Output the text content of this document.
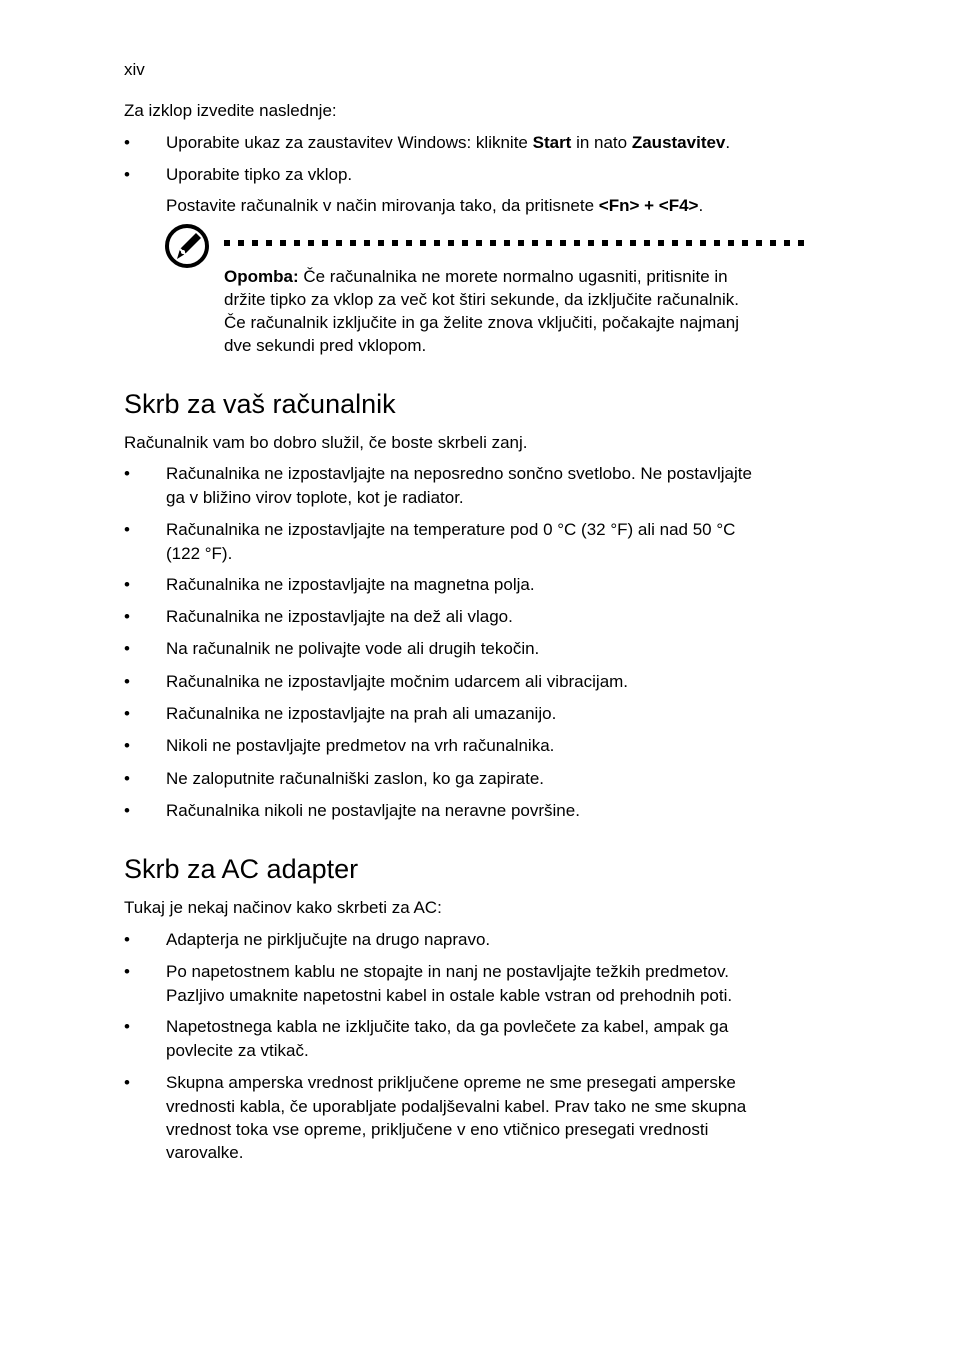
xiv

Za izklop izvedite naslednje:

• Uporabite ukaz za zaustavitev Windows: kliknite Start in nato Zaustavitev.

• Uporabite tipko za vklop.

Postavite računalnik v način mirovanja tako, da pritisnete <Fn> + <F4>.

Opomba: Če računalnika ne morete normalno ugasniti, pritisnite in

držite tipko za vklop za več kot štiri sekunde, da izključite računalnik.

Če računalnik izključite in ga želite znova vključiti, počakajte najmanj

dve sekundi pred vklopom.

Skrb za vaš računalnik

Računalnik vam bo dobro služil, če boste skrbeli zanj.

• Računalnika ne izpostavljajte na neposredno sončno svetlobo. Ne postavljajte

ga v bližino virov toplote, kot je radiator.

• Računalnika ne izpostavljajte na temperature pod 0 °C (32 °F) ali nad 50 °C

(122 °F).

• Računalnika ne izpostavljajte na magnetna polja.

• Računalnika ne izpostavljajte na dež ali vlago.

• Na računalnik ne polivajte vode ali drugih tekočin.

• Računalnika ne izpostavljajte močnim udarcem ali vibracijam.

• Računalnika ne izpostavljajte na prah ali umazanijo.

• Nikoli ne postavljajte predmetov na vrh računalnika.

• Ne zaloputnite računalniški zaslon, ko ga zapirate.

• Računalnika nikoli ne postavljajte na neravne površine.

Skrb za AC adapter

Tukaj je nekaj načinov kako skrbeti za AC:

• Adapterja ne pirključujte na drugo napravo.

• Po napetostnem kablu ne stopajte in nanj ne postavljajte težkih predmetov.

Pazljivo umaknite napetostni kabel in ostale kable vstran od prehodnih poti.

• Napetostnega kabla ne izključite tako, da ga povlečete za kabel, ampak ga

povlecite za vtikač.

• Skupna amperska vrednost priključene opreme ne sme presegati amperske

vrednosti kabla, če uporabljate podaljševalni kabel. Prav tako ne sme skupna

vrednost toka vse opreme, priključene v eno vtičnico presegati vrednosti

varovalke.
